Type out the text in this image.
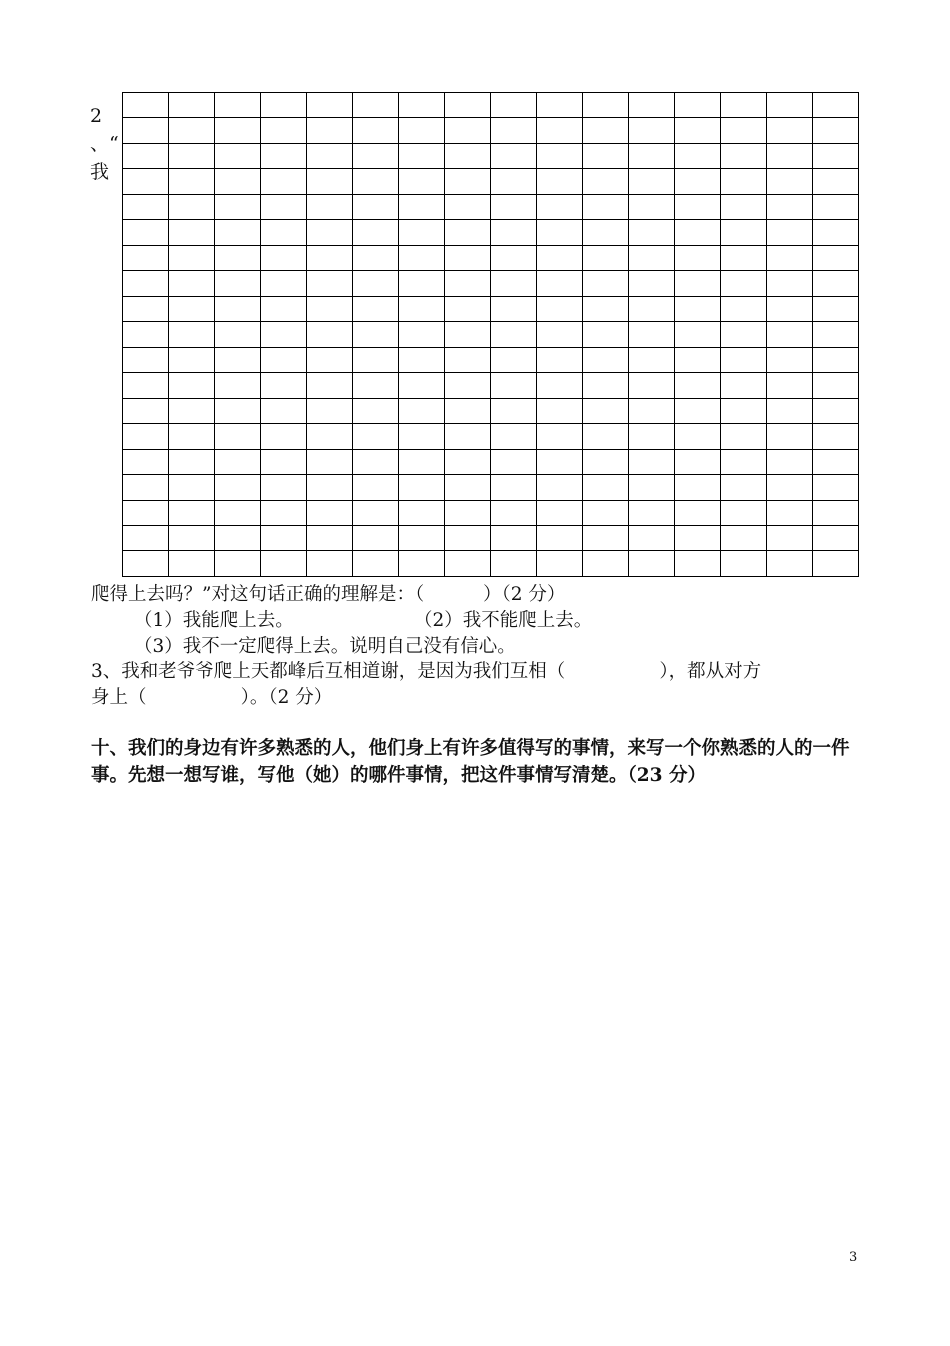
2
、“
我

爬得上去吗？”对这句话正确的理解是：（          ）（2 分）
（1）我能爬上去。	（2）我不能爬上去。
（3）我不一定爬得上去。说明自己没有信心。
3、我和老爷爷爬上天都峰后互相道谢，是因为我们互相（                ），都从对方
身上（                ）。（2 分）
十、我们的身边有许多熟悉的人，他们身上有许多值得写的事情，来写一个你熟悉的人的一件事。先想一想写谁，写他（她）的哪件事情，把这件事情写清楚。（23 分）
3
